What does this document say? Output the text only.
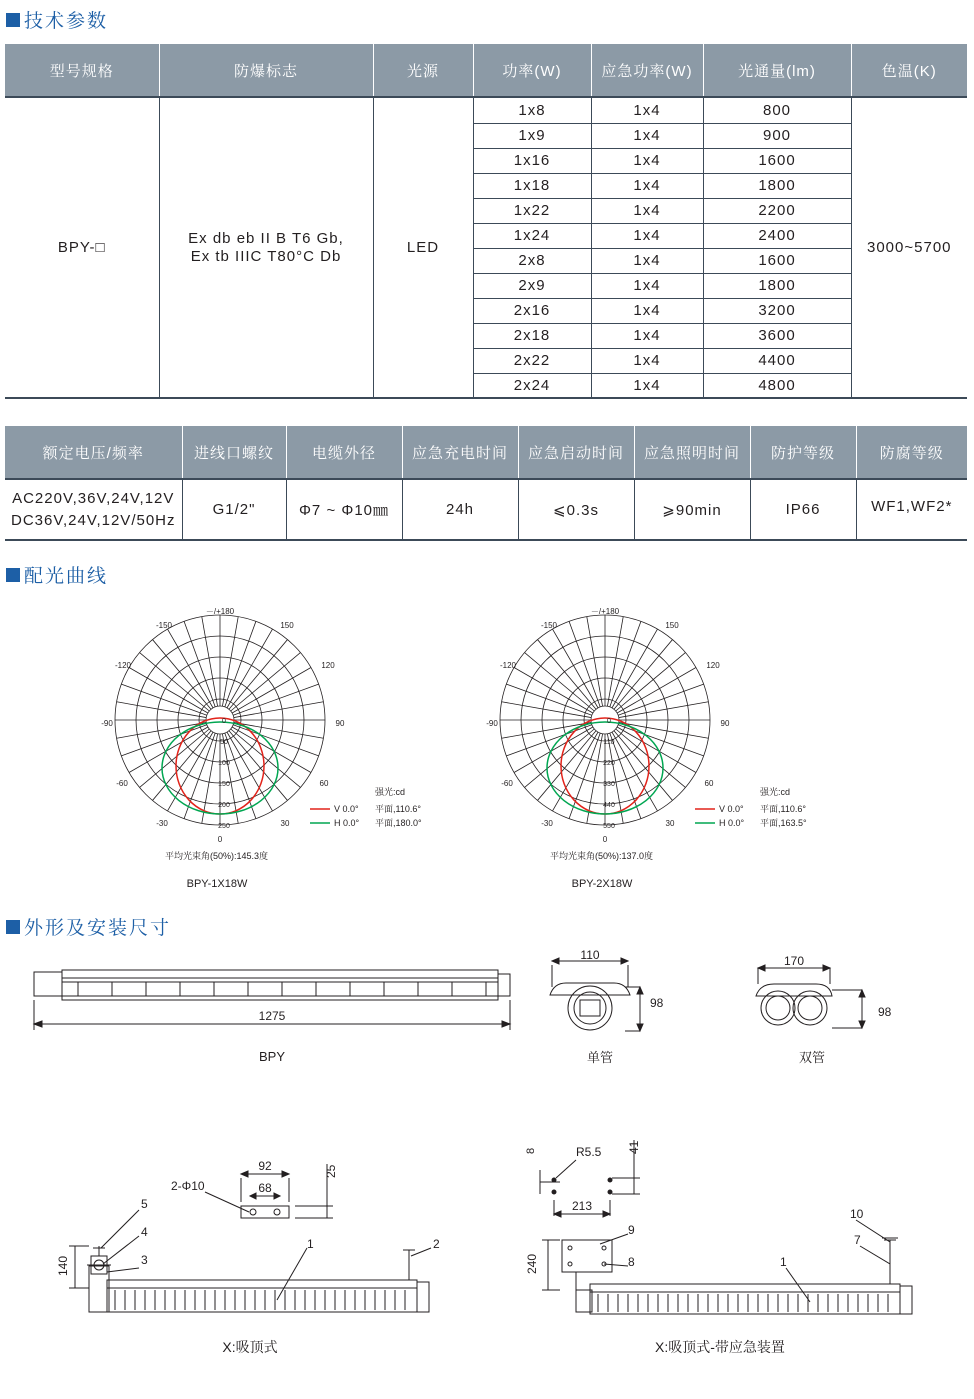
技术参数
型号规格	防爆标志	光源	功率(W)	应急功率(W)	光通量(lm)	色温(K)

BPY-□	Ex db eb II B T6 Gb,
Ex tb IIIC T80°C Db	LED	1x8	1x4	800	3000~5700
			1x9	1x4	900	
			1x16	1x4	1600	
			1x18	1x4	1800	
			1x22	1x4	2200	
			1x24	1x4	2400	
			2x8	1x4	1600	
			2x9	1x4	1800	
			2x16	1x4	3200	
			2x18	1x4	3600	
			2x22	1x4	4400	
			2x24	1x4	4800	
额定电压/频率	进线口螺纹	电缆外径	应急充电时间	应急启动时间	应急照明时间	防护等级	防腐等级

AC220V,36V,24V,12V
DC36V,24V,12V/50Hz	G1/2"	Φ7 ~ Φ10㎜	24h	⩽0.3s	⩾90min	IP66	WF1,WF2*
配光曲线
－/+180
-150	150
-120	120
-90	90
-60	60
-30	30
0
0
50
100
150
200
250
强光:cd
V 0.0° 平面,110.6°
H 0.0° 平面,180.0°
平均光束角(50%):145.3度
BPY-1X18W
－/+180
-150	150
-120	120
-90	90
-60	60
-30	30
0
0
110
220
330
440
550
强光:cd
V 0.0° 平面,110.6°
H 0.0° 平面,163.5°
平均光束角(50%):137.0度
BPY-2X18W
外形及安装尺寸
1275
BPY
110
98
单管
170
98
双管
92
68
25
2-Φ10
140
5
4
3
1	2
X:吸顶式
8	R5.5 41
213
240
9
8	1
10
7
X:吸顶式-带应急装置
